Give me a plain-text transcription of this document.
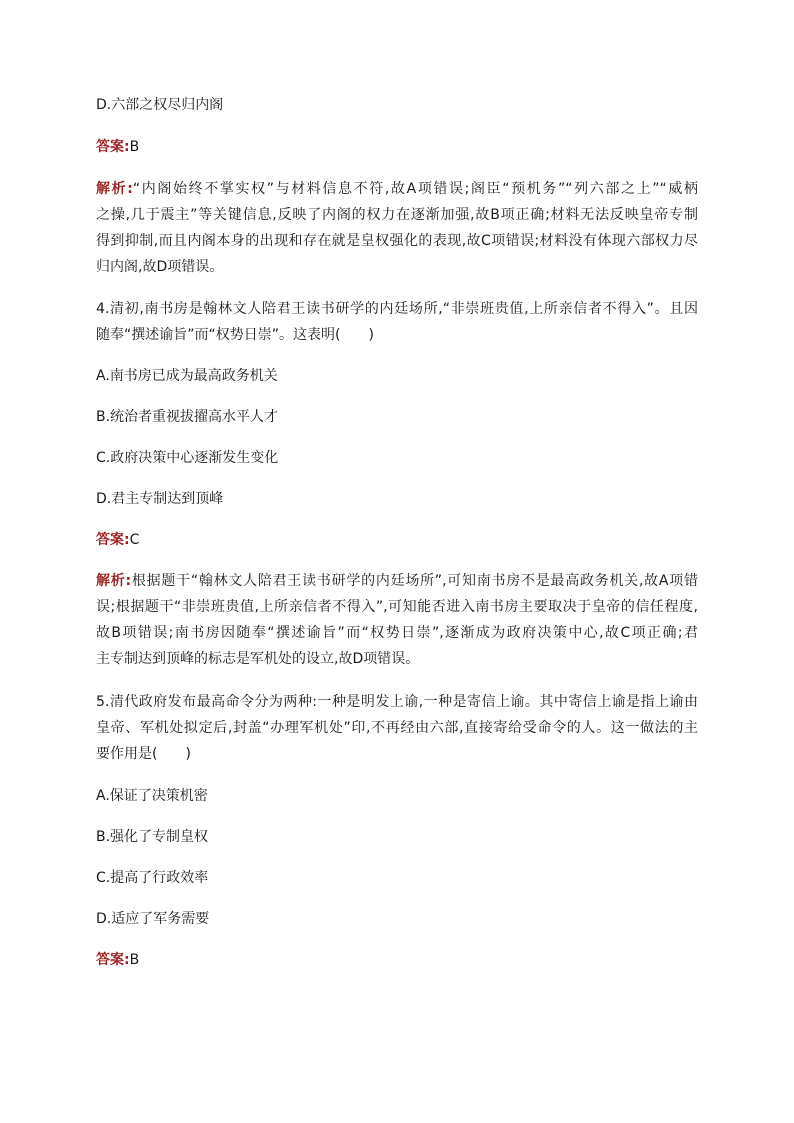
D.六部之权尽归内阁
答案:B
解析:“内阁始终不掌实权”与材料信息不符,故A项错误;阁臣“预机务”“列六部之上”“威柄
之操,几于震主”等关键信息,反映了内阁的权力在逐渐加强,故B项正确;材料无法反映皇帝专制
得到抑制,而且内阁本身的出现和存在就是皇权强化的表现,故C项错误;材料没有体现六部权力尽
归内阁,故D项错误。
4.清初,南书房是翰林文人陪君王读书研学的内廷场所,“非崇班贵值,上所亲信者不得入”。且因
随奉“撰述谕旨”而“权势日崇”。这表明(　　)
A.南书房已成为最高政务机关
B.统治者重视拔擢高水平人才
C.政府决策中心逐渐发生变化
D.君主专制达到顶峰
答案:C
解析:根据题干“翰林文人陪君王读书研学的内廷场所”,可知南书房不是最高政务机关,故A项错
误;根据题干“非崇班贵值,上所亲信者不得入”,可知能否进入南书房主要取决于皇帝的信任程度,
故B项错误;南书房因随奉“撰述谕旨”而“权势日崇”,逐渐成为政府决策中心,故C项正确;君
主专制达到顶峰的标志是军机处的设立,故D项错误。
5.清代政府发布最高命令分为两种:一种是明发上谕,一种是寄信上谕。其中寄信上谕是指上谕由
皇帝、军机处拟定后,封盖“办理军机处”印,不再经由六部,直接寄给受命令的人。这一做法的主
要作用是(　　)
A.保证了决策机密
B.强化了专制皇权
C.提高了行政效率
D.适应了军务需要
答案:B
